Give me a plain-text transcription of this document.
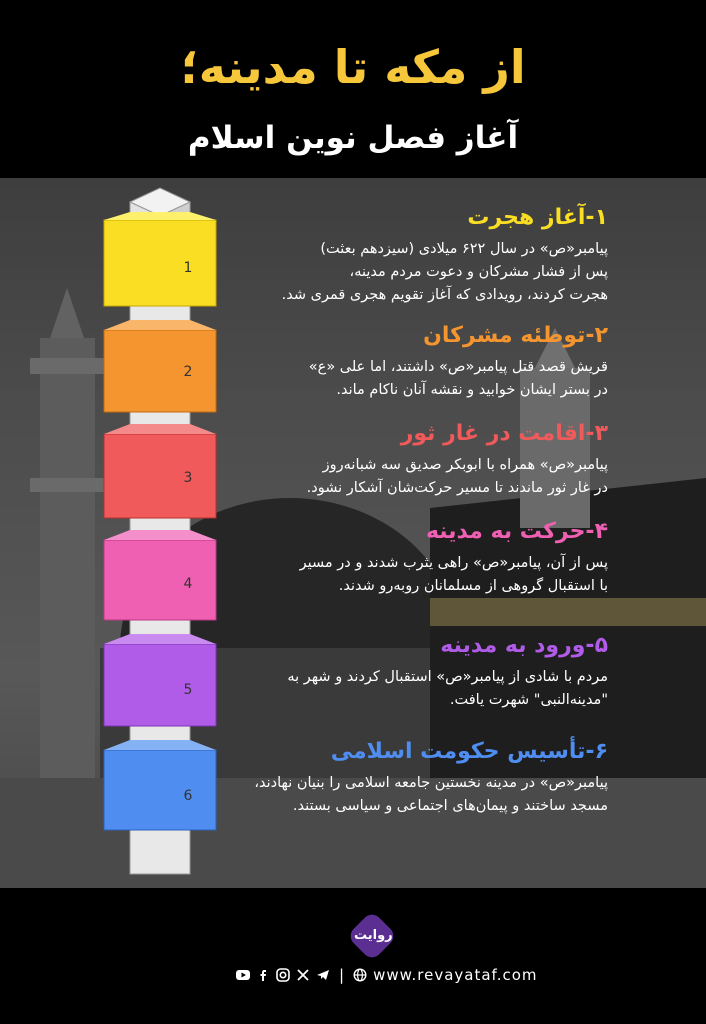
از مکه تا مدینه؛
آغاز فصل نوین اسلام
1
2
3
4
5
6
۱-آغاز هجرت
پیامبر«ص» در سال ۶۲۲ میلادی (سیزدهم بعثت)
پس از فشار مشرکان و دعوت مردم مدینه،
هجرت کردند، رویدادی که آغاز تقویم هجری قمری شد.
۲-توطئه مشرکان
قریش قصد قتل پیامبر«ص» داشتند، اما علی «ع»
در بستر ایشان خوابید و نقشه آنان ناکام ماند.
۳-اقامت در غار ثور
پیامبر«ص» همراه با ابوبکر صدیق سه شبانه‌روز
در غار ثور ماندند تا مسیر حرکت‌شان آشکار نشود.
۴-حرکت به مدینه
پس از آن، پیامبر«ص» راهی یثرب شدند و در مسیر
با استقبال گروهی از مسلمانان روبه‌رو شدند.
۵-ورود به مدینه
مردم با شادی از پیامبر«ص» استقبال کردند و شهر به
"مدینه‌النبی" شهرت یافت.
۶-تأسیس حکومت اسلامی
پیامبر«ص» در مدینه نخستین جامعه اسلامی را بنیان نهادند،
مسجد ساختند و پیمان‌های اجتماعی و سیاسی بستند.
روایت
| www.revayataf.com
